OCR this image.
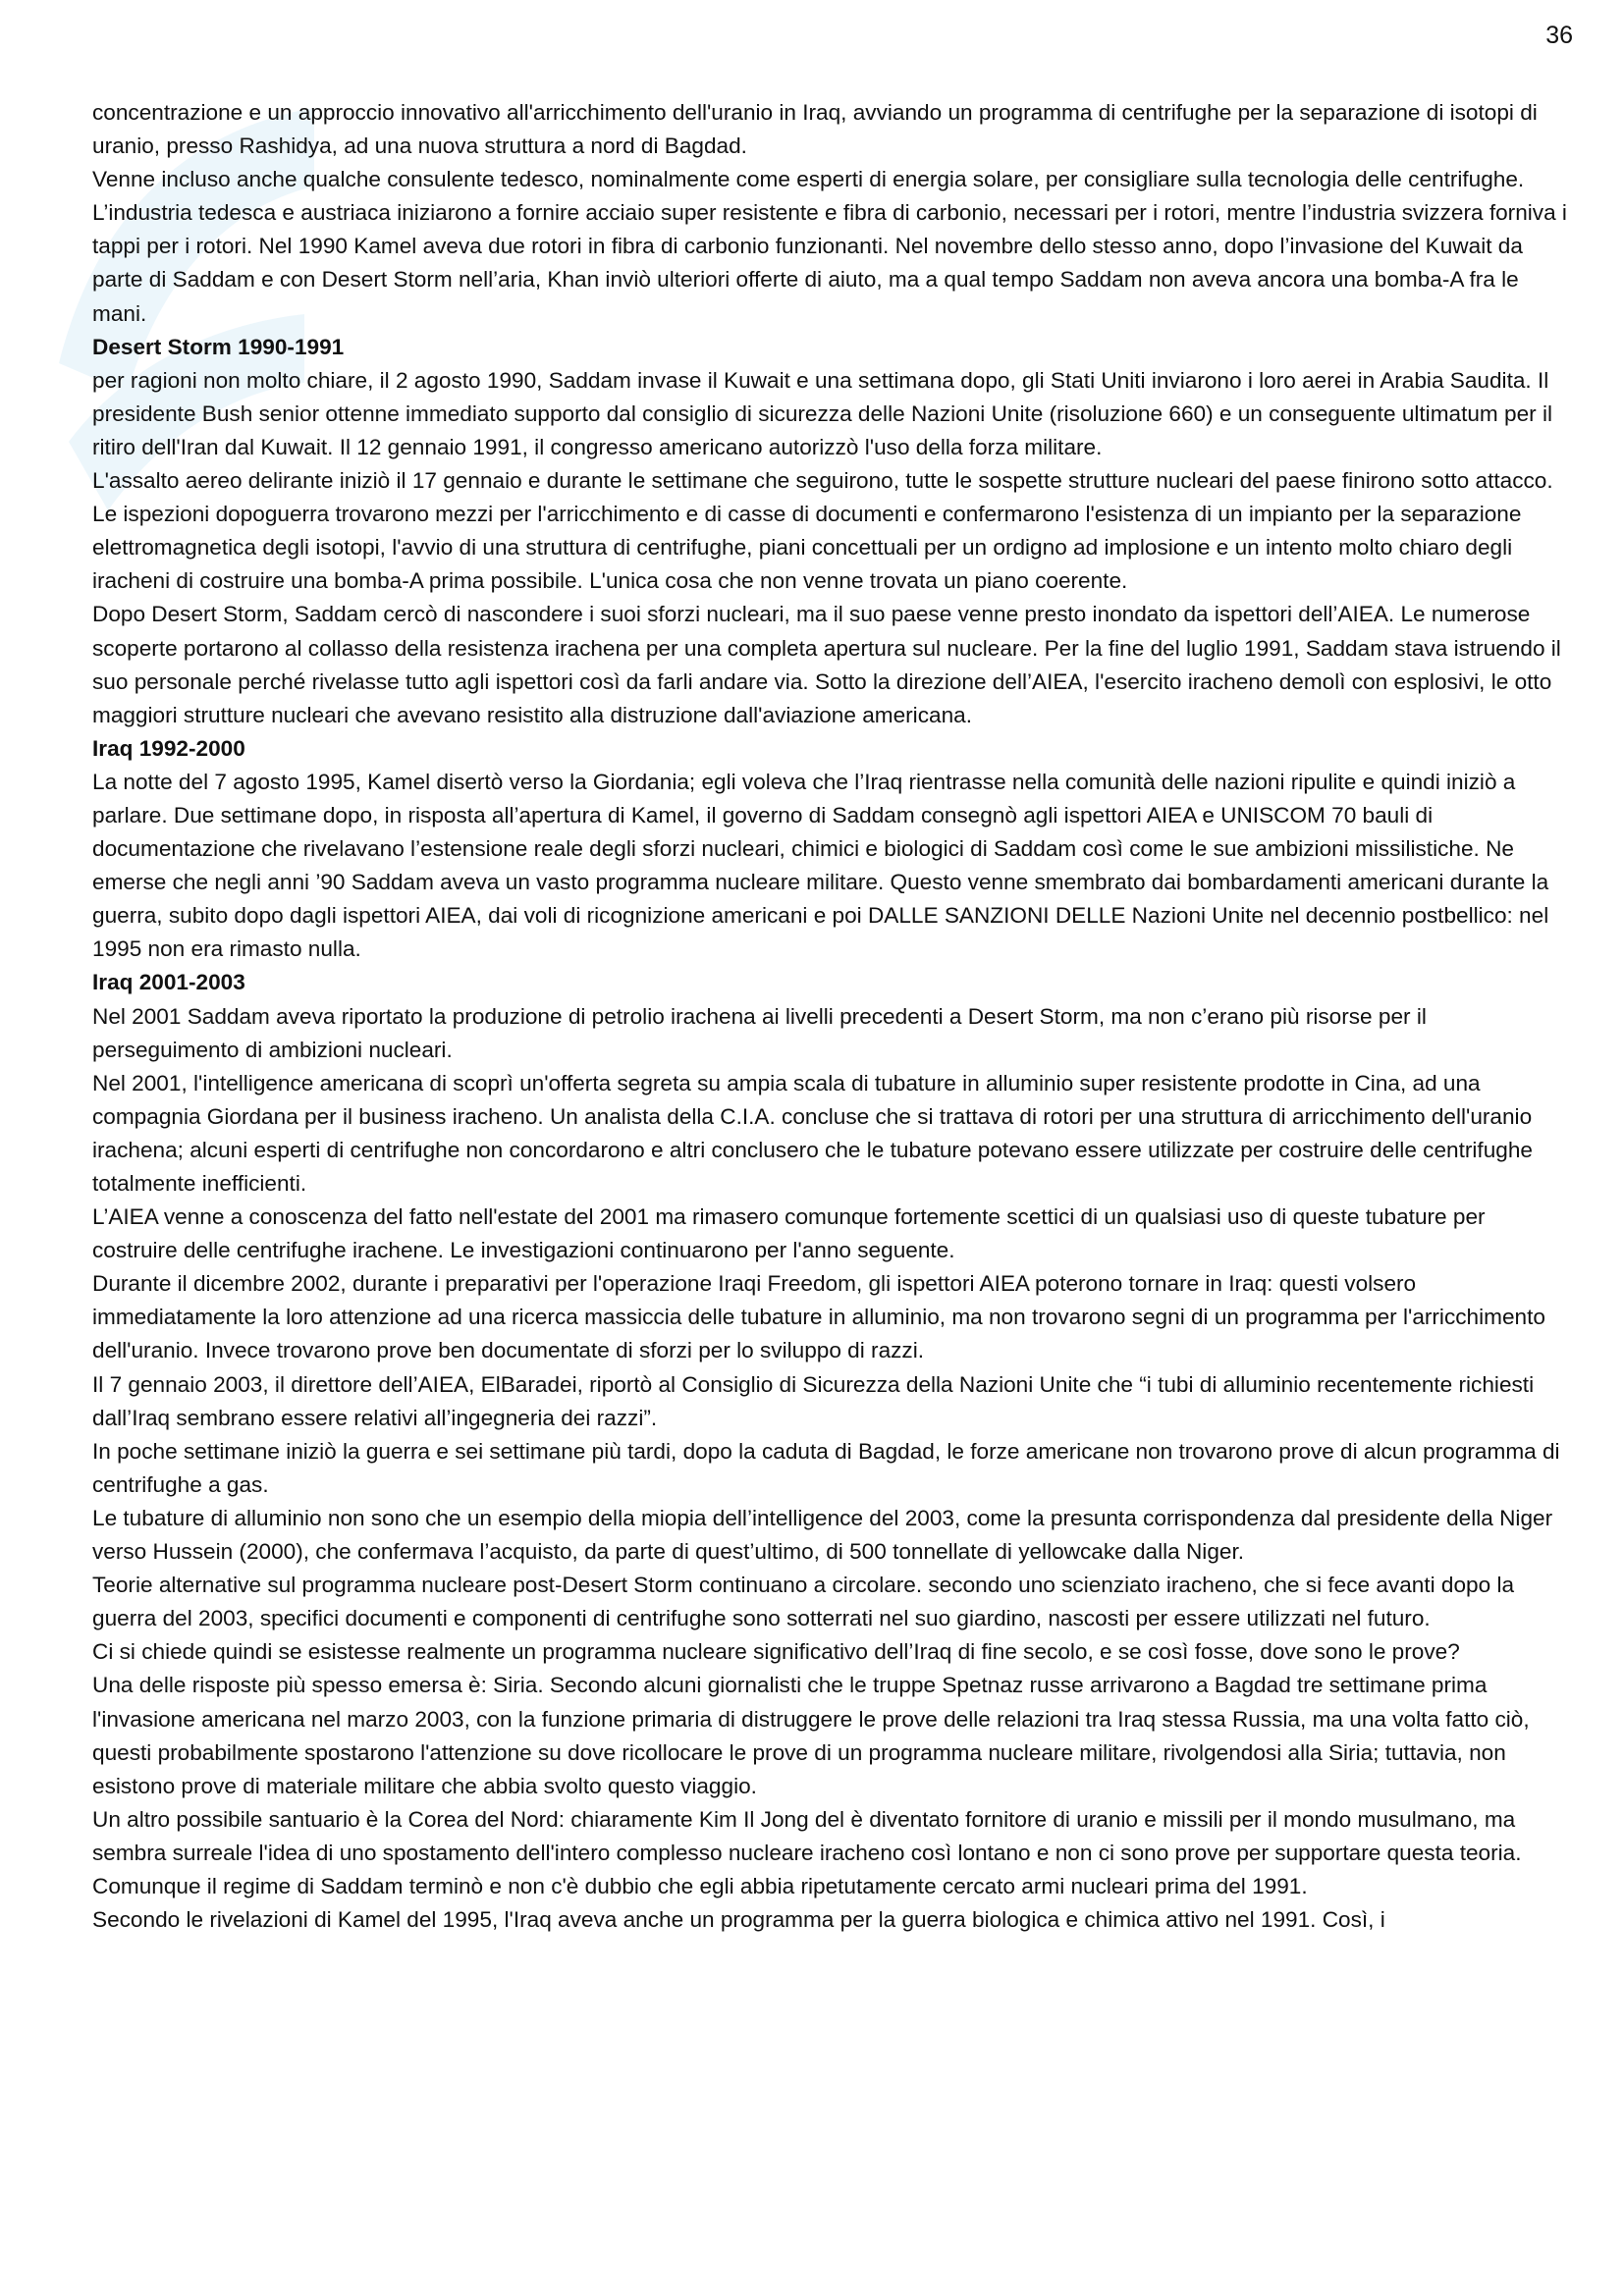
36

concentrazione e un approccio innovativo all'arricchimento dell'uranio in Iraq, avviando un programma di centrifughe per la separazione di isotopi di uranio, presso Rashidya, ad una nuova struttura a nord di Bagdad.

Venne incluso anche qualche consulente tedesco, nominalmente come esperti di energia solare, per consigliare sulla tecnologia delle centrifughe. L’industria tedesca e austriaca iniziarono a fornire acciaio super resistente e fibra di carbonio, necessari per i rotori, mentre l’industria svizzera forniva i tappi per i rotori. Nel 1990 Kamel aveva due rotori in fibra di carbonio funzionanti. Nel novembre dello stesso anno, dopo l’invasione del Kuwait da parte di Saddam e con Desert Storm nell’aria, Khan inviò ulteriori offerte di aiuto, ma a qual tempo Saddam non aveva ancora una bomba-A fra le mani.

Desert Storm 1990-1991

per ragioni non molto chiare, il 2 agosto 1990, Saddam invase il Kuwait e una settimana dopo, gli Stati Uniti inviarono i loro aerei in Arabia Saudita. Il presidente Bush senior ottenne immediato supporto dal consiglio di sicurezza delle Nazioni Unite (risoluzione 660) e un conseguente ultimatum per il ritiro dell'Iran dal Kuwait. Il 12 gennaio 1991, il congresso americano autorizzò l'uso della forza militare.

L'assalto aereo delirante iniziò il 17 gennaio e durante le settimane che seguirono, tutte le sospette strutture nucleari del paese finirono sotto attacco.

Le ispezioni dopoguerra trovarono mezzi per l'arricchimento e di casse di documenti e confermarono l'esistenza di un impianto per la separazione elettromagnetica degli isotopi, l'avvio di una struttura di centrifughe, piani concettuali per un ordigno ad implosione e un intento molto chiaro degli iracheni di costruire una bomba-A prima possibile. L'unica cosa che non venne trovata un piano coerente.

Dopo Desert Storm, Saddam cercò di nascondere i suoi sforzi nucleari, ma il suo paese venne presto inondato da ispettori dell’AIEA. Le numerose scoperte portarono al collasso della resistenza irachena per una completa apertura sul nucleare. Per la fine del luglio 1991, Saddam stava istruendo il suo personale perché rivelasse tutto agli ispettori così da farli andare via. Sotto la direzione dell’AIEA, l'esercito iracheno demolì con esplosivi, le otto maggiori strutture nucleari che avevano resistito alla distruzione dall'aviazione americana.

Iraq 1992-2000

La notte del 7 agosto 1995, Kamel disertò verso la Giordania; egli voleva che l’Iraq rientrasse nella comunità delle nazioni ripulite e quindi iniziò a parlare. Due settimane dopo, in risposta all’apertura di Kamel, il governo di Saddam consegnò agli ispettori AIEA e UNISCOM 70 bauli di documentazione che rivelavano l’estensione reale degli sforzi nucleari, chimici e biologici di Saddam così come le sue ambizioni missilistiche. Ne emerse che negli anni ’90 Saddam aveva un vasto programma nucleare militare. Questo venne smembrato dai bombardamenti americani durante la guerra, subito dopo dagli ispettori AIEA, dai voli di ricognizione americani e poi DALLE SANZIONI DELLE Nazioni Unite nel decennio postbellico: nel 1995 non era rimasto nulla.

Iraq 2001-2003

Nel 2001 Saddam aveva riportato la produzione di petrolio irachena ai livelli precedenti a Desert Storm, ma non c’erano più risorse per il perseguimento di ambizioni nucleari.

Nel 2001, l'intelligence americana di scoprì un'offerta segreta su ampia scala di tubature in alluminio super resistente prodotte in Cina, ad una compagnia Giordana per il business iracheno. Un analista della C.I.A. concluse che si trattava di rotori per una struttura di arricchimento dell'uranio irachena; alcuni esperti di centrifughe non concordarono e altri conclusero che le tubature potevano essere utilizzate per costruire delle centrifughe totalmente inefficienti.

L’AIEA venne a conoscenza del fatto nell'estate del 2001 ma rimasero comunque fortemente scettici di un qualsiasi uso di queste tubature per costruire delle centrifughe irachene. Le investigazioni continuarono per l'anno seguente.

Durante il dicembre 2002, durante i preparativi per l'operazione Iraqi Freedom, gli ispettori AIEA poterono tornare in Iraq: questi volsero immediatamente la loro attenzione ad una ricerca massiccia delle tubature in alluminio, ma non trovarono segni di un programma per l'arricchimento dell'uranio. Invece trovarono prove ben documentate di sforzi per lo sviluppo di razzi.

Il 7 gennaio 2003, il direttore dell’AIEA, ElBaradei, riportò al Consiglio di Sicurezza della Nazioni Unite che “i tubi di alluminio recentemente richiesti dall’Iraq sembrano essere relativi all’ingegneria dei razzi”.

In poche settimane iniziò la guerra e sei settimane più tardi, dopo la caduta di Bagdad, le forze americane non trovarono prove di alcun programma di centrifughe a gas.

Le tubature di alluminio non sono che un esempio della miopia dell’intelligence del 2003, come la presunta corrispondenza dal presidente della Niger verso Hussein (2000), che confermava l’acquisto, da parte di quest’ultimo, di 500 tonnellate di yellowcake dalla Niger.

Teorie alternative sul programma nucleare post-Desert Storm continuano a circolare. secondo uno scienziato iracheno, che si fece avanti dopo la guerra del 2003, specifici documenti e componenti di centrifughe sono sotterrati nel suo giardino, nascosti per essere utilizzati nel futuro.

Ci si chiede quindi se esistesse realmente un programma nucleare significativo dell’Iraq di fine secolo, e se così fosse, dove sono le prove?

Una delle risposte più spesso emersa è: Siria. Secondo alcuni giornalisti che le truppe Spetnaz russe arrivarono a Bagdad tre settimane prima l'invasione americana nel marzo 2003, con la funzione primaria di distruggere le prove delle relazioni tra Iraq stessa Russia, ma una volta fatto ciò, questi probabilmente spostarono l'attenzione su dove ricollocare le prove di un programma nucleare militare, rivolgendosi alla Siria; tuttavia, non esistono prove di materiale militare che abbia svolto questo viaggio.

Un altro possibile santuario è la Corea del Nord: chiaramente Kim Il Jong del è diventato fornitore di uranio e missili per il mondo musulmano, ma sembra surreale l'idea di uno spostamento dell'intero complesso nucleare iracheno così lontano e non ci sono prove per supportare questa teoria.

Comunque il regime di Saddam terminò e non c'è dubbio che egli abbia ripetutamente cercato armi nucleari prima del 1991.

Secondo le rivelazioni di Kamel del 1995, l'Iraq aveva anche un programma per la guerra biologica e chimica attivo nel 1991. Così, i
